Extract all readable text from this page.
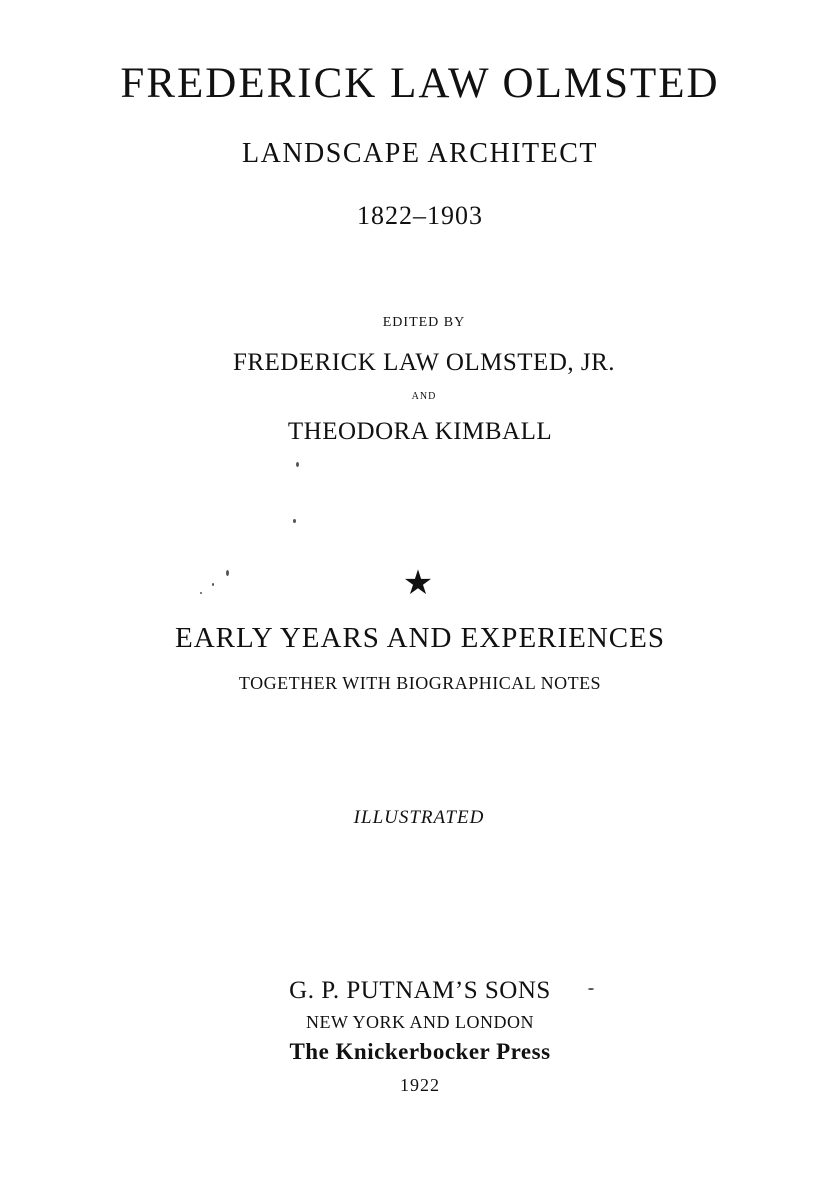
FREDERICK LAW OLMSTED
LANDSCAPE ARCHITECT
1822–1903
EDITED BY
FREDERICK LAW OLMSTED, JR.
AND
THEODORA KIMBALL
★
EARLY YEARS AND EXPERIENCES
TOGETHER WITH BIOGRAPHICAL NOTES
ILLUSTRATED
G. P. PUTNAM’S SONS
NEW YORK AND LONDON
The Knickerbocker Press
1922
